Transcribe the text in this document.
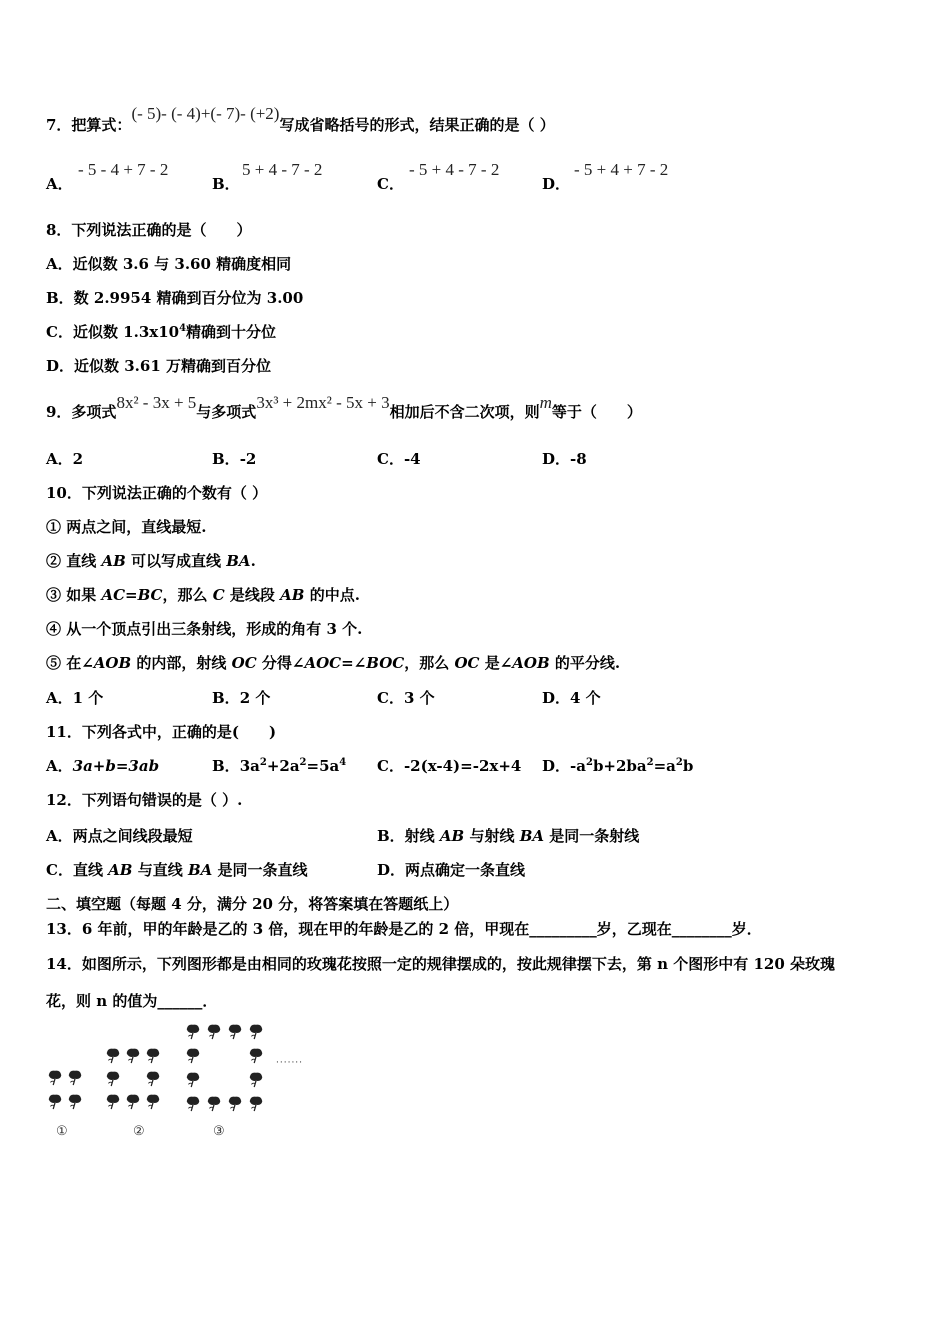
7．把算式：(- 5)- (- 4)+(- 7)- (+2)写成省略括号的形式，结果正确的是（ ）
A．
- 5 - 4 + 7 - 2
B．
5 + 4 - 7 - 2
C．
- 5 + 4 - 7 - 2
D．
- 5 + 4 + 7 - 2
8．下列说法正确的是（　　）
A．近似数 3.6 与 3.60 精确度相同
B．数 2.9954 精确到百分位为 3.00
C．近似数 $1.3x10^4$精确到十分位
D．近似数 3.61 万精确到百分位
9．多项式8x² - 3x + 5与多项式3x³ + 2mx² - 5x + 3相加后不含二次项，则m等于（　　）
A．2	B．-2	C．-4	D．-8
10．下列说法正确的个数有（ ）
① 两点之间，直线最短.
② 直线 AB 可以写成直线 BA.
③ 如果 AC=BC，那么 C 是线段 AB 的中点.
④ 从一个顶点引出三条射线，形成的角有 3 个.
⑤ 在∠AOB 的内部，射线 OC 分得∠AOC=∠BOC，那么 OC 是∠AOB 的平分线.
A．1 个	B．2 个	C．3 个	D．4 个
11．下列各式中，正确的是(　　)
A．3a+b=3ab	B．$3a^2+2a^2=5a^4$ C．-2(x-4)=-2x+4 D．$-a^2b+2ba^2=a^2b$
12．下列语句错误的是（ ）.
A．两点之间线段最短	B．射线 AB 与射线 BA 是同一条射线
C．直线 AB 与直线 BA 是同一条直线	D．两点确定一条直线
二、填空题（每题 4 分，满分 20 分，将答案填在答题纸上）
13．6 年前，甲的年龄是乙的 3 倍，现在甲的年龄是乙的 2 倍，甲现在_________岁，乙现在________岁．
14．如图所示，下列图形都是由相同的玫瑰花按照一定的规律摆成的，按此规律摆下去，第 n 个图形中有 120 朵玫瑰
花，则 n 的值为______．
①	②	③
·······
